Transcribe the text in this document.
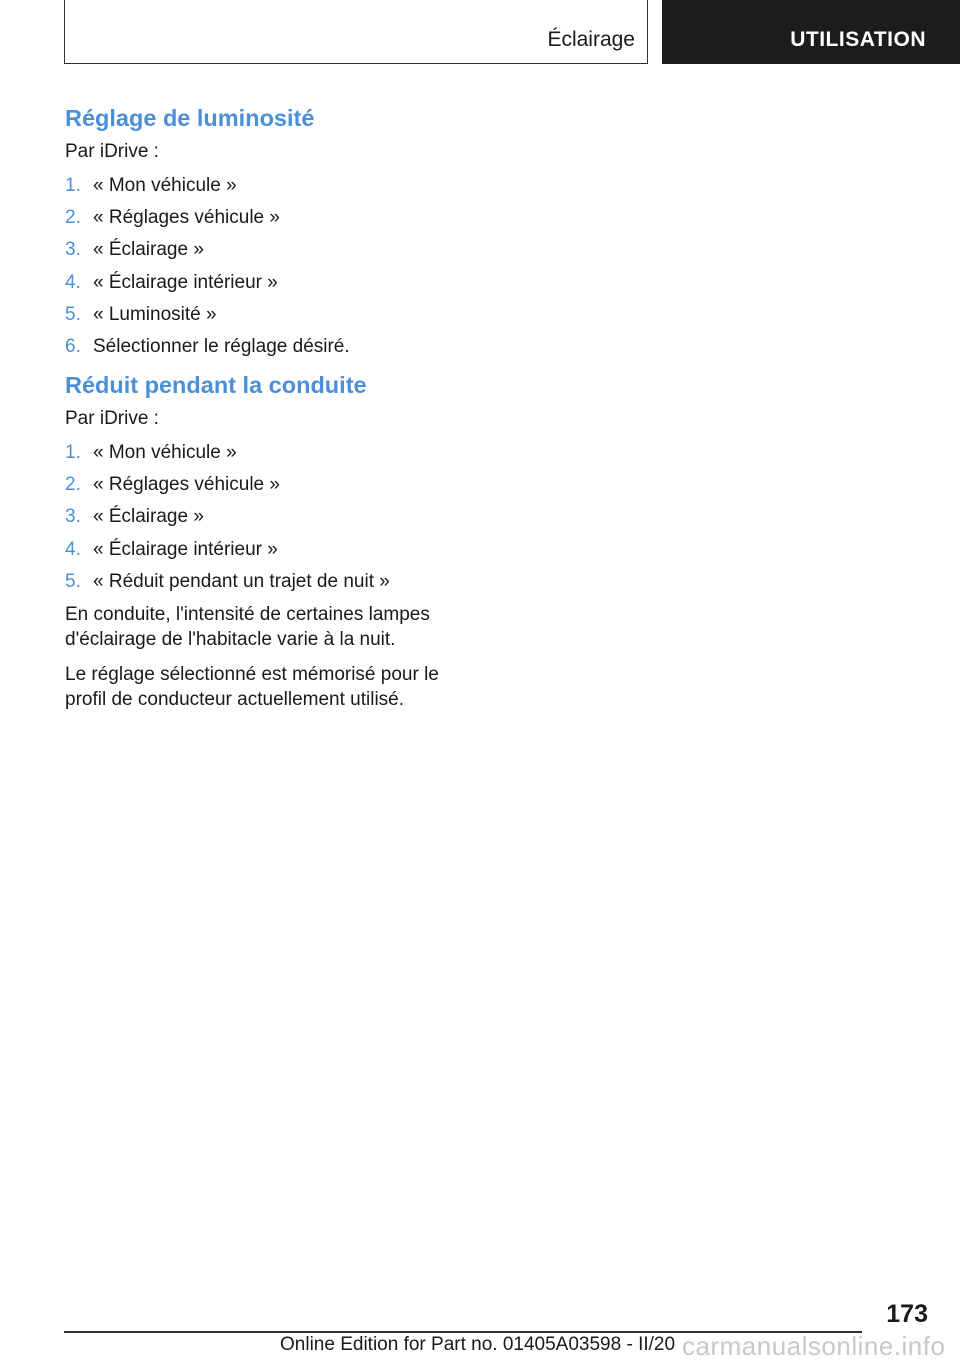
Éclairage	UTILISATION
Réglage de luminosité

Par iDrive :

1. « Mon véhicule »
2. « Réglages véhicule »
3. « Éclairage »
4. « Éclairage intérieur »
5. « Luminosité »
6. Sélectionner le réglage désiré.
Réduit pendant la conduite

Par iDrive :

1. « Mon véhicule »
2. « Réglages véhicule »
3. « Éclairage »
4. « Éclairage intérieur »
5. « Réduit pendant un trajet de nuit »

En conduite, l'intensité de certaines lampes d'éclairage de l'habitacle varie à la nuit.

Le réglage sélectionné est mémorisé pour le profil de conducteur actuellement utilisé.

173
Online Edition for Part no. 01405A03598 - II/20 carmanualsonline.info
